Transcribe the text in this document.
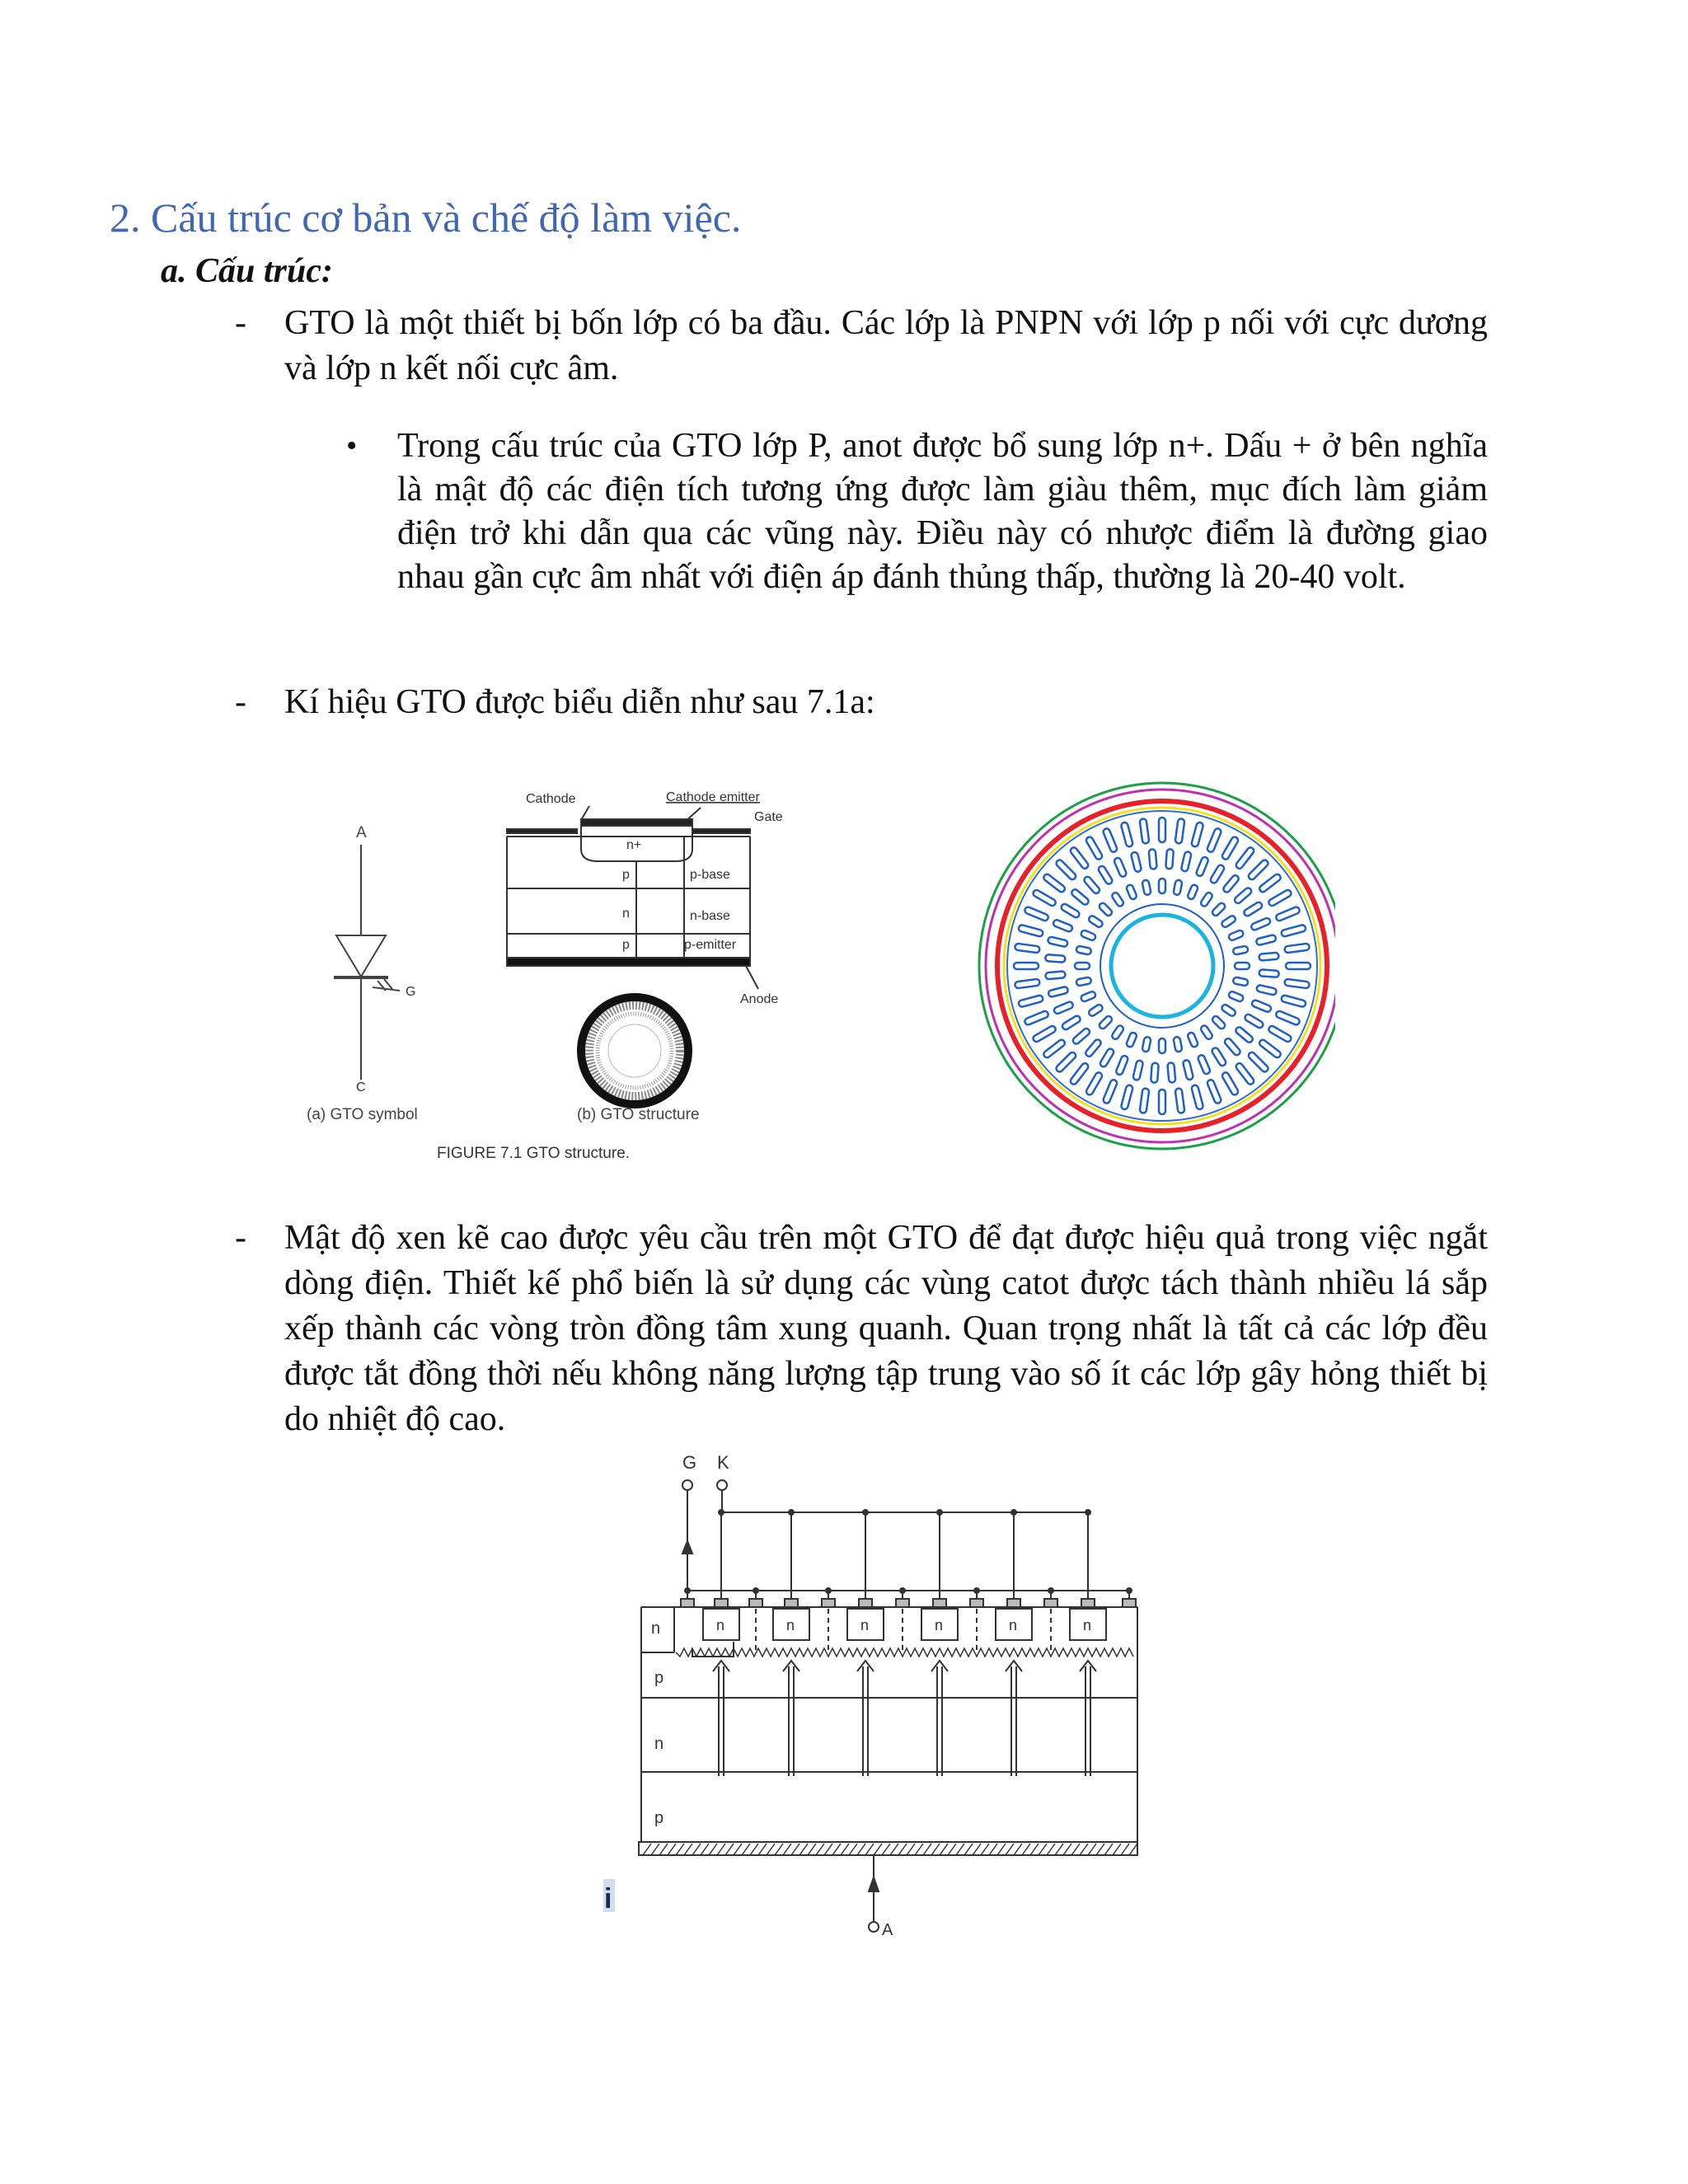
2. Cấu trúc cơ bản và chế độ làm việc.
a. Cấu trúc:
- GTO là một thiết bị bốn lớp có ba đầu. Các lớp là PNPN với lớp p nối với cực dương và lớp n kết nối cực âm.
• Trong cấu trúc của GTO lớp P, anot được bổ sung lớp n+. Dấu + ở bên nghĩa là mật độ các điện tích tương ứng được làm giàu thêm, mục đích làm giảm điện trở khi dẫn qua các vũng này. Điều này có nhược điểm là đường giao nhau gần cực âm nhất với điện áp đánh thủng thấp, thường là 20-40 volt.
- Kí hiệu GTO được biểu diễn như sau 7.1a:
A
G
C
(a) GTO symbol
Cathode	Cathode emitter
Gate
n+
p
n
p
p-base
n-base
p-emitter
Anode
(b) GTO structure
FIGURE 7.1 GTO structure.
- Mật độ xen kẽ cao được yêu cầu trên một GTO để đạt được hiệu quả trong việc ngắt dòng điện. Thiết kế phổ biến là sử dụng các vùng catot được tách thành nhiều lá sắp xếp thành các vòng tròn đồng tâm xung quanh. Quan trọng nhất là tất cả các lớp đều được tắt đồng thời nếu không năng lượng tập trung vào số ít các lớp gây hỏng thiết bị do nhiệt độ cao.
G K
n	n	n	n	n	n	n
p
n
p
A
i
